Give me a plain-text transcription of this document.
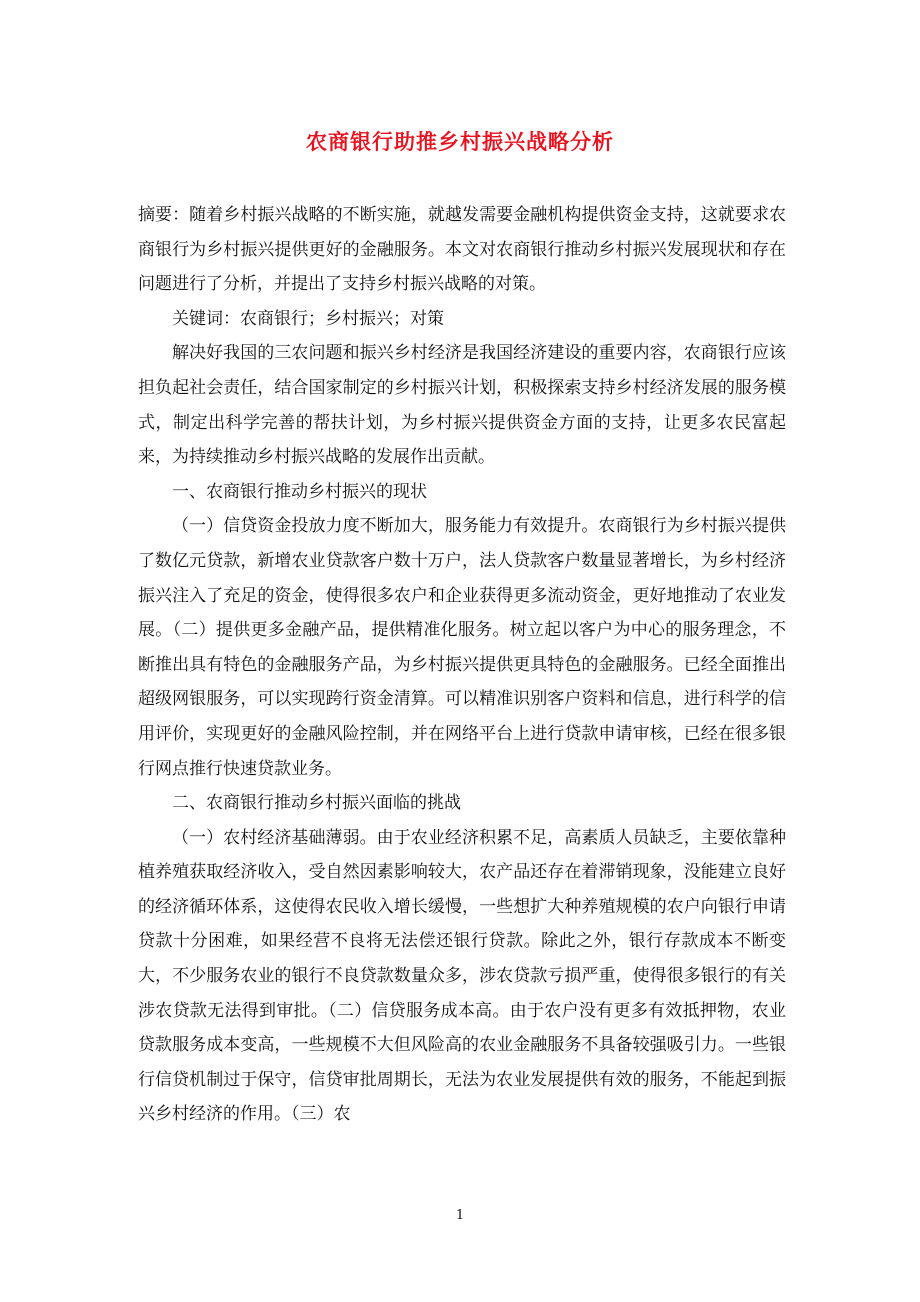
农商银行助推乡村振兴战略分析

摘要：随着乡村振兴战略的不断实施，就越发需要金融机构提供资金支持，这就要求农商银行为乡村振兴提供更好的金融服务。本文对农商银行推动乡村振兴发展现状和存在问题进行了分析，并提出了支持乡村振兴战略的对策。

关键词：农商银行；乡村振兴；对策

解决好我国的三农问题和振兴乡村经济是我国经济建设的重要内容，农商银行应该担负起社会责任，结合国家制定的乡村振兴计划，积极探索支持乡村经济发展的服务模式，制定出科学完善的帮扶计划，为乡村振兴提供资金方面的支持，让更多农民富起来，为持续推动乡村振兴战略的发展作出贡献。

一、农商银行推动乡村振兴的现状

（一）信贷资金投放力度不断加大，服务能力有效提升。农商银行为乡村振兴提供了数亿元贷款，新增农业贷款客户数十万户，法人贷款客户数量显著增长，为乡村经济振兴注入了充足的资金，使得很多农户和企业获得更多流动资金，更好地推动了农业发展。（二）提供更多金融产品，提供精准化服务。树立起以客户为中心的服务理念，不断推出具有特色的金融服务产品，为乡村振兴提供更具特色的金融服务。已经全面推出超级网银服务，可以实现跨行资金清算。可以精准识别客户资料和信息，进行科学的信用评价，实现更好的金融风险控制，并在网络平台上进行贷款申请审核，已经在很多银行网点推行快速贷款业务。

二、农商银行推动乡村振兴面临的挑战

（一）农村经济基础薄弱。由于农业经济积累不足，高素质人员缺乏，主要依靠种植养殖获取经济收入，受自然因素影响较大，农产品还存在着滞销现象，没能建立良好的经济循环体系，这使得农民收入增长缓慢，一些想扩大种养殖规模的农户向银行申请贷款十分困难，如果经营不良将无法偿还银行贷款。除此之外，银行存款成本不断变大，不少服务农业的银行不良贷款数量众多，涉农贷款亏损严重，使得很多银行的有关涉农贷款无法得到审批。（二）信贷服务成本高。由于农户没有更多有效抵押物，农业贷款服务成本变高，一些规模不大但风险高的农业金融服务不具备较强吸引力。一些银行信贷机制过于保守，信贷审批周期长，无法为农业发展提供有效的服务，不能起到振兴乡村经济的作用。（三）农

1
